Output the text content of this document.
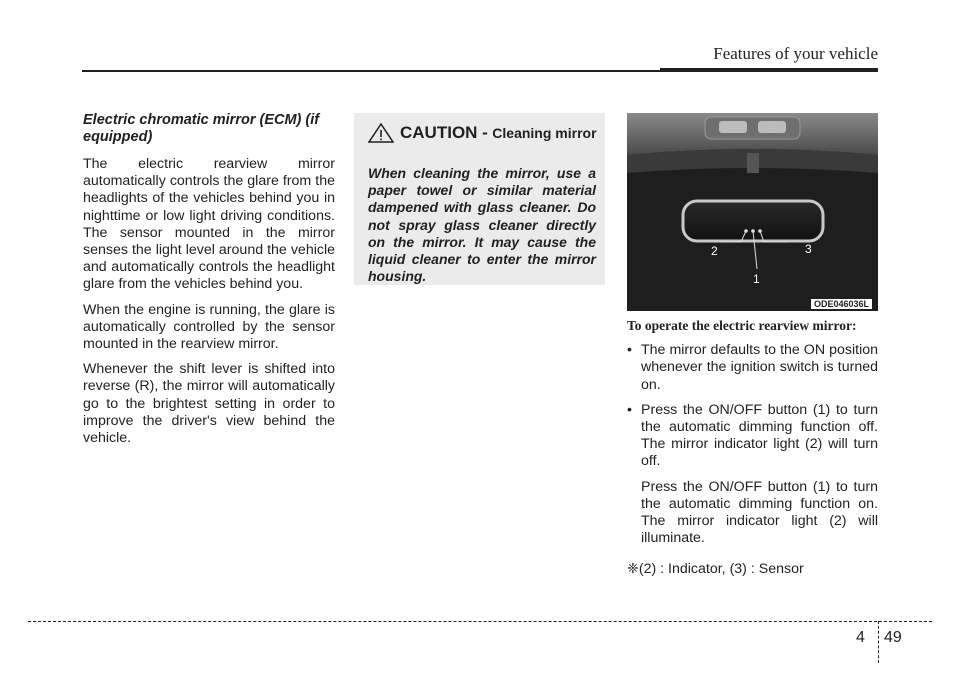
Features of your vehicle
Electric chromatic mirror (ECM) (if equipped)

The electric rearview mirror automatically controls the glare from the headlights of the vehicles behind you in nighttime or low light driving conditions. The sensor mounted in the mirror senses the light level around the vehicle and automatically controls the headlight glare from the vehicles behind you.

When the engine is running, the glare is automatically controlled by the sensor mounted in the rearview mirror.

Whenever the shift lever is shifted into reverse (R), the mirror will automatically go to the brightest setting in order to improve the driver's view behind the vehicle.

CAUTION - Cleaning mirror
When cleaning the mirror, use a paper towel or similar material dampened with glass cleaner. Do not spray glass cleaner directly on the mirror. It may cause the liquid cleaner to enter the mirror housing.
2	3
1
ODE046036L
To operate the electric rearview mirror:
• The mirror defaults to the ON position whenever the ignition switch is turned on.
• Press the ON/OFF button (1) to turn the automatic dimming function off. The mirror indicator light (2) will turn off.
Press the ON/OFF button (1) to turn the automatic dimming function on. The mirror indicator light (2) will illuminate.
❈(2) : Indicator, (3) : Sensor
4 49
